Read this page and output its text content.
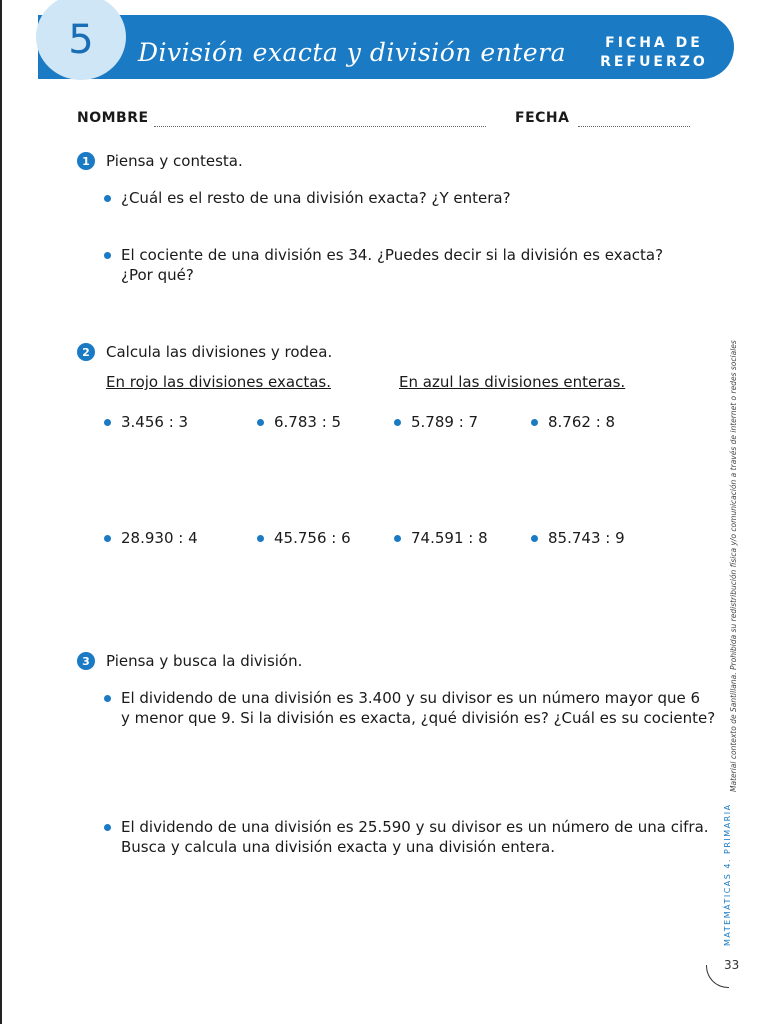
5	División exacta y división entera	FICHA DE
REFUERZO
NOMBRE	FECHA
1	Piensa y contesta.
¿Cuál es el resto de una división exacta? ¿Y entera?
El cociente de una división es 34. ¿Puedes decir si la división es exacta?
¿Por qué?
2	Calcula las divisiones y rodea.
En rojo las divisiones exactas.	En azul las divisiones enteras.
3.456 : 3	6.783 : 5	5.789 : 7	8.762 : 8
28.930 : 4	45.756 : 6	74.591 : 8	85.743 : 9
3	Piensa y busca la división.
El dividendo de una división es 3.400 y su divisor es un número mayor que 6
y menor que 9. Si la división es exacta, ¿qué división es? ¿Cuál es su cociente?
El dividendo de una división es 25.590 y su divisor es un número de una cifra.
Busca y calcula una división exacta y una división entera.
Material contexto de Santillana. Prohibida su redistribución física y/o comunicación a través de internet o redes sociales
MATEMÁTICAS 4. PRIMARIA
33
